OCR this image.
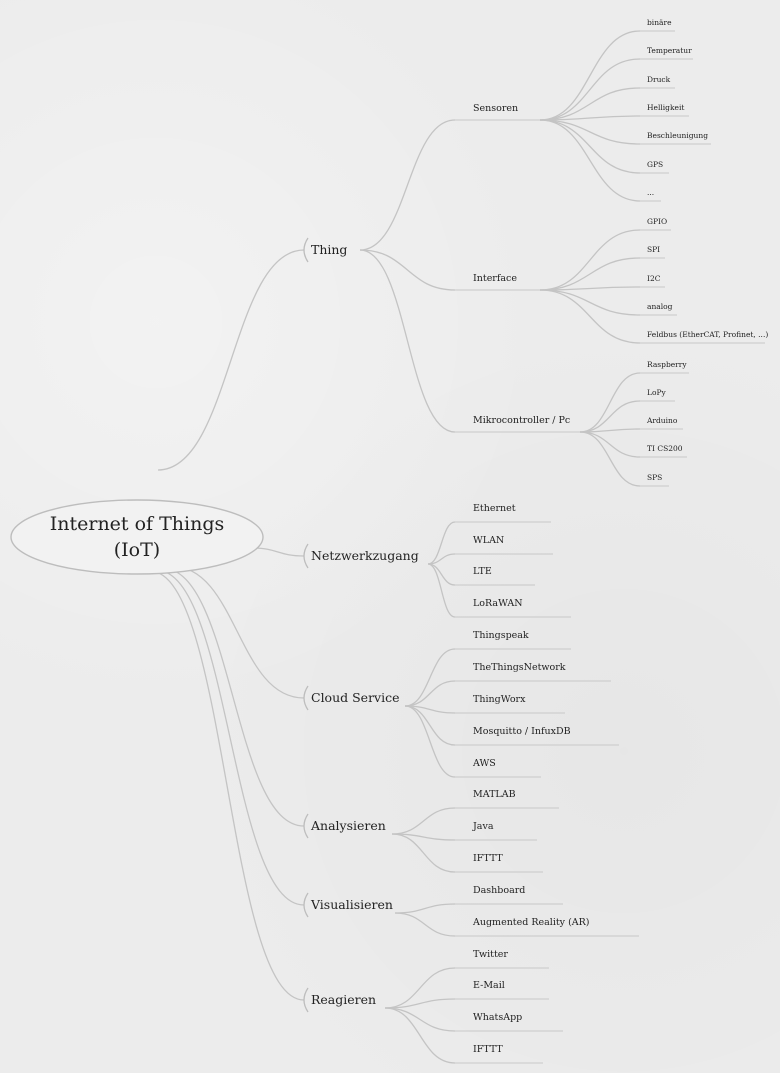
Internet of Things
(IoT)
Thing
Netzwerkzugang
Cloud Service
Analysieren
Visualisieren
Reagieren
Sensoren
binäre
Temperatur
Druck
Helligkeit
Beschleunigung
GPS
...
Interface
GPIO
SPI
I2C
analog
Feldbus (EtherCAT, Profinet, ...)
Mikrocontroller / Pc
Raspberry
LoPy
Arduino
TI CS200
SPS
Ethernet
WLAN
LTE
LoRaWAN
Thingspeak
TheThingsNetwork
ThingWorx
Mosquitto / InfuxDB
AWS
MATLAB
Java
IFTTT
Dashboard
Augmented Reality (AR)
Twitter
E-Mail
WhatsApp
IFTTT
